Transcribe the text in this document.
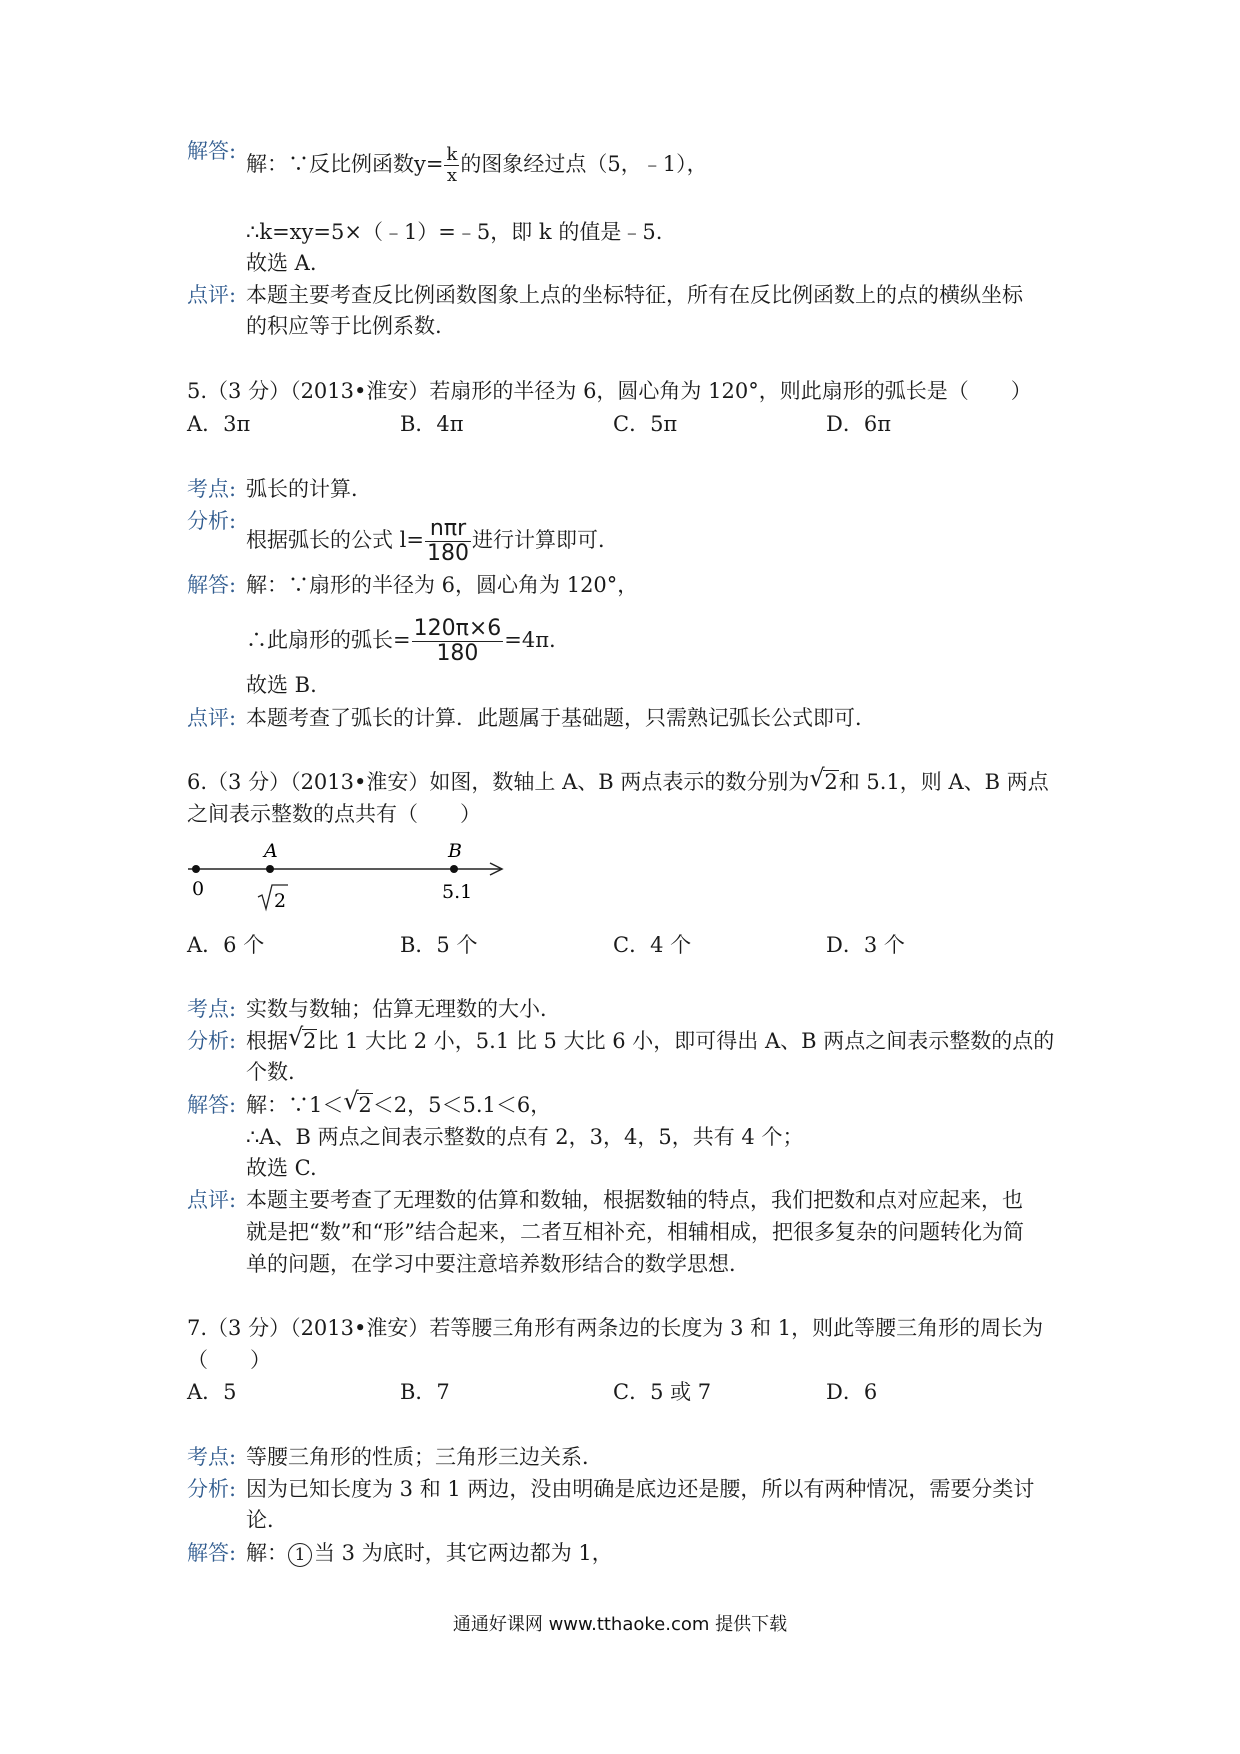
解答:
解：∵反比例函数$y= \frac{k}{x}$ 的图象经过点（5，﹣1），
∴k=xy=5×（﹣1）=﹣5，即 k 的值是﹣5.
故选 A.
点评: 本题主要考查反比例函数图象上点的坐标特征，所有在反比例函数上的点的横纵坐标
的积应等于比例系数.
5.（3 分）（2013•淮安）若扇形的半径为 6，圆心角为 120°，则此扇形的弧长是（　　）
A．3π	B．4π	C．5π	D．6π
考点: 弧长的计算．
分析:
根据弧长的公式 $l= \frac{\text{nπr}}{180}$ 进行计算即可．
解答: 解：∵扇形的半径为 6，圆心角为 120°，
∴此扇形的弧长= $\frac{120\pi\times 6}{180} =4\pi$.
故选 B.
点评: 本题考查了弧长的计算．此题属于基础题，只需熟记弧长公式即可．
6.（3 分）（2013•淮安）如图，数轴上 A、B 两点表示的数分别为 √ 2和 5.1，则 A、B 两点
之间表示整数的点共有（　　）
A	B
0
2	5.1
A．6 个	B．5 个	C．4 个	D．3 个
考点: 实数与数轴；估算无理数的大小．
分析: 根据 √ 2比 1 大比 2 小，5.1 比 5 大比 6 小，即可得出 A、B 两点之间表示整数的点的
个数.
解答: 解：∵1＜ √ 2＜2，5＜5.1＜6，
∴A、B 两点之间表示整数的点有 2，3，4，5，共有 4 个；
故选 C.
点评: 本题主要考查了无理数的估算和数轴，根据数轴的特点，我们把数和点对应起来，也
就是把“数”和“形”结合起来，二者互相补充，相辅相成，把很多复杂的问题转化为简
单的问题，在学习中要注意培养数形结合的数学思想．
7.（3 分）（2013•淮安）若等腰三角形有两条边的长度为 3 和 1，则此等腰三角形的周长为
（　　）
A．5	B．7	C．5 或 7	D．6
考点: 等腰三角形的性质；三角形三边关系．
分析: 因为已知长度为 3 和 1 两边，没由明确是底边还是腰，所以有两种情况，需要分类讨
论．
解答: 解： 1 当 3 为底时，其它两边都为 1，
通通好课网 www.tthaoke.com 提供下载
